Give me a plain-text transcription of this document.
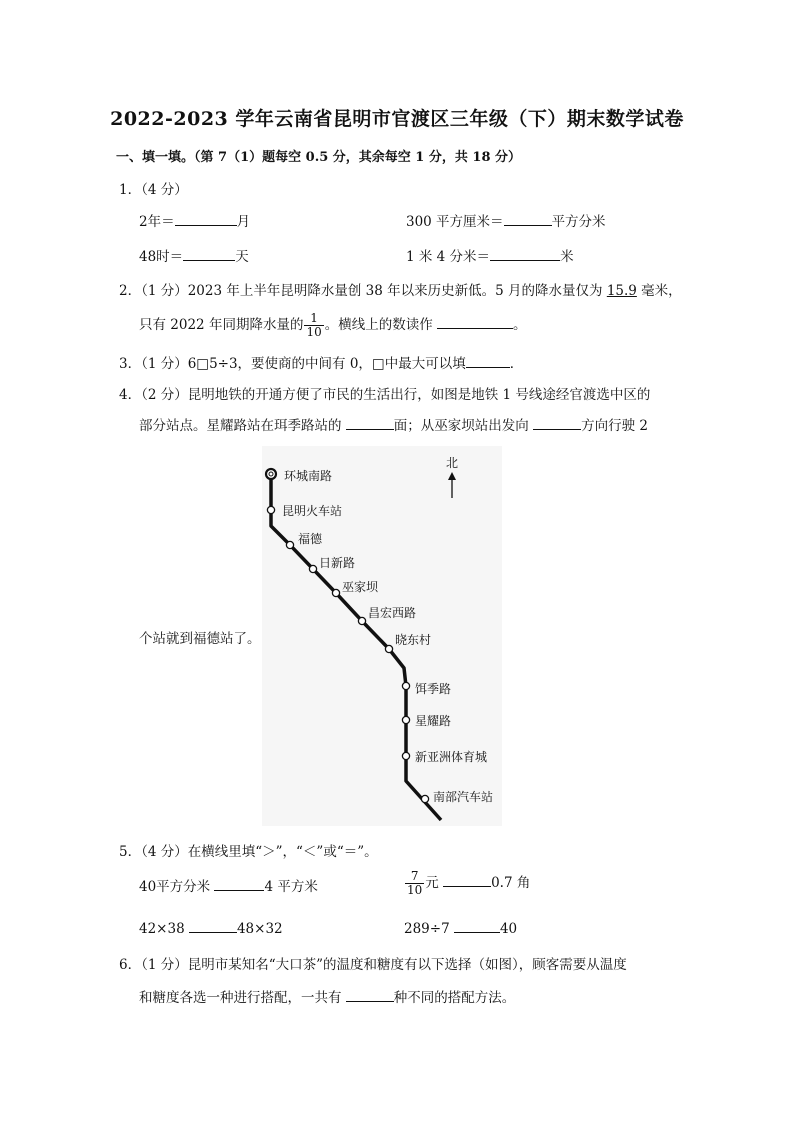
2022-2023 学年云南省昆明市官渡区三年级（下）期末数学试卷
一、填一填。（第 7（1）题每空 0.5 分，其余每空 1 分，共 18 分）
1．（4 分）
2年＝	月	300 平方厘米＝	平方分米
48时＝	天	1 米 4 分米＝	米
2．（1 分）2023 年上半年昆明降水量创 38 年以来历史新低。5 月的降水量仅为 15.9 毫米，
只有 2022 年同期降水量的 $\frac{1}{10}$ 。横线上的数读作	。
3．（1 分）6□5÷3，要使商的中间有 0，□中最大可以填	．
4．（2 分）昆明地铁的开通方便了市民的生活出行，如图是地铁 1 号线途经官渡选中区的
部分站点。星耀路站在珥季路站的	面；从巫家坝站出发向	方向行驶 2
个站就到福德站了。
北
环城南路
昆明火车站
福德
日新路
巫家坝
昌宏西路
晓东村
饵季路
星耀路
新亚洲体育城
南部汽车站
5．（4 分）在横线里填“＞”，“＜”或“＝”。
40平方分米	4 平方米	$\frac{7}{10}$ 元	0.7 角
42×38	48×32	289÷7	40
6．（1 分）昆明市某知名“大口茶”的温度和糖度有以下选择（如图），顾客需要从温度
和糖度各选一种进行搭配，一共有	种不同的搭配方法。
